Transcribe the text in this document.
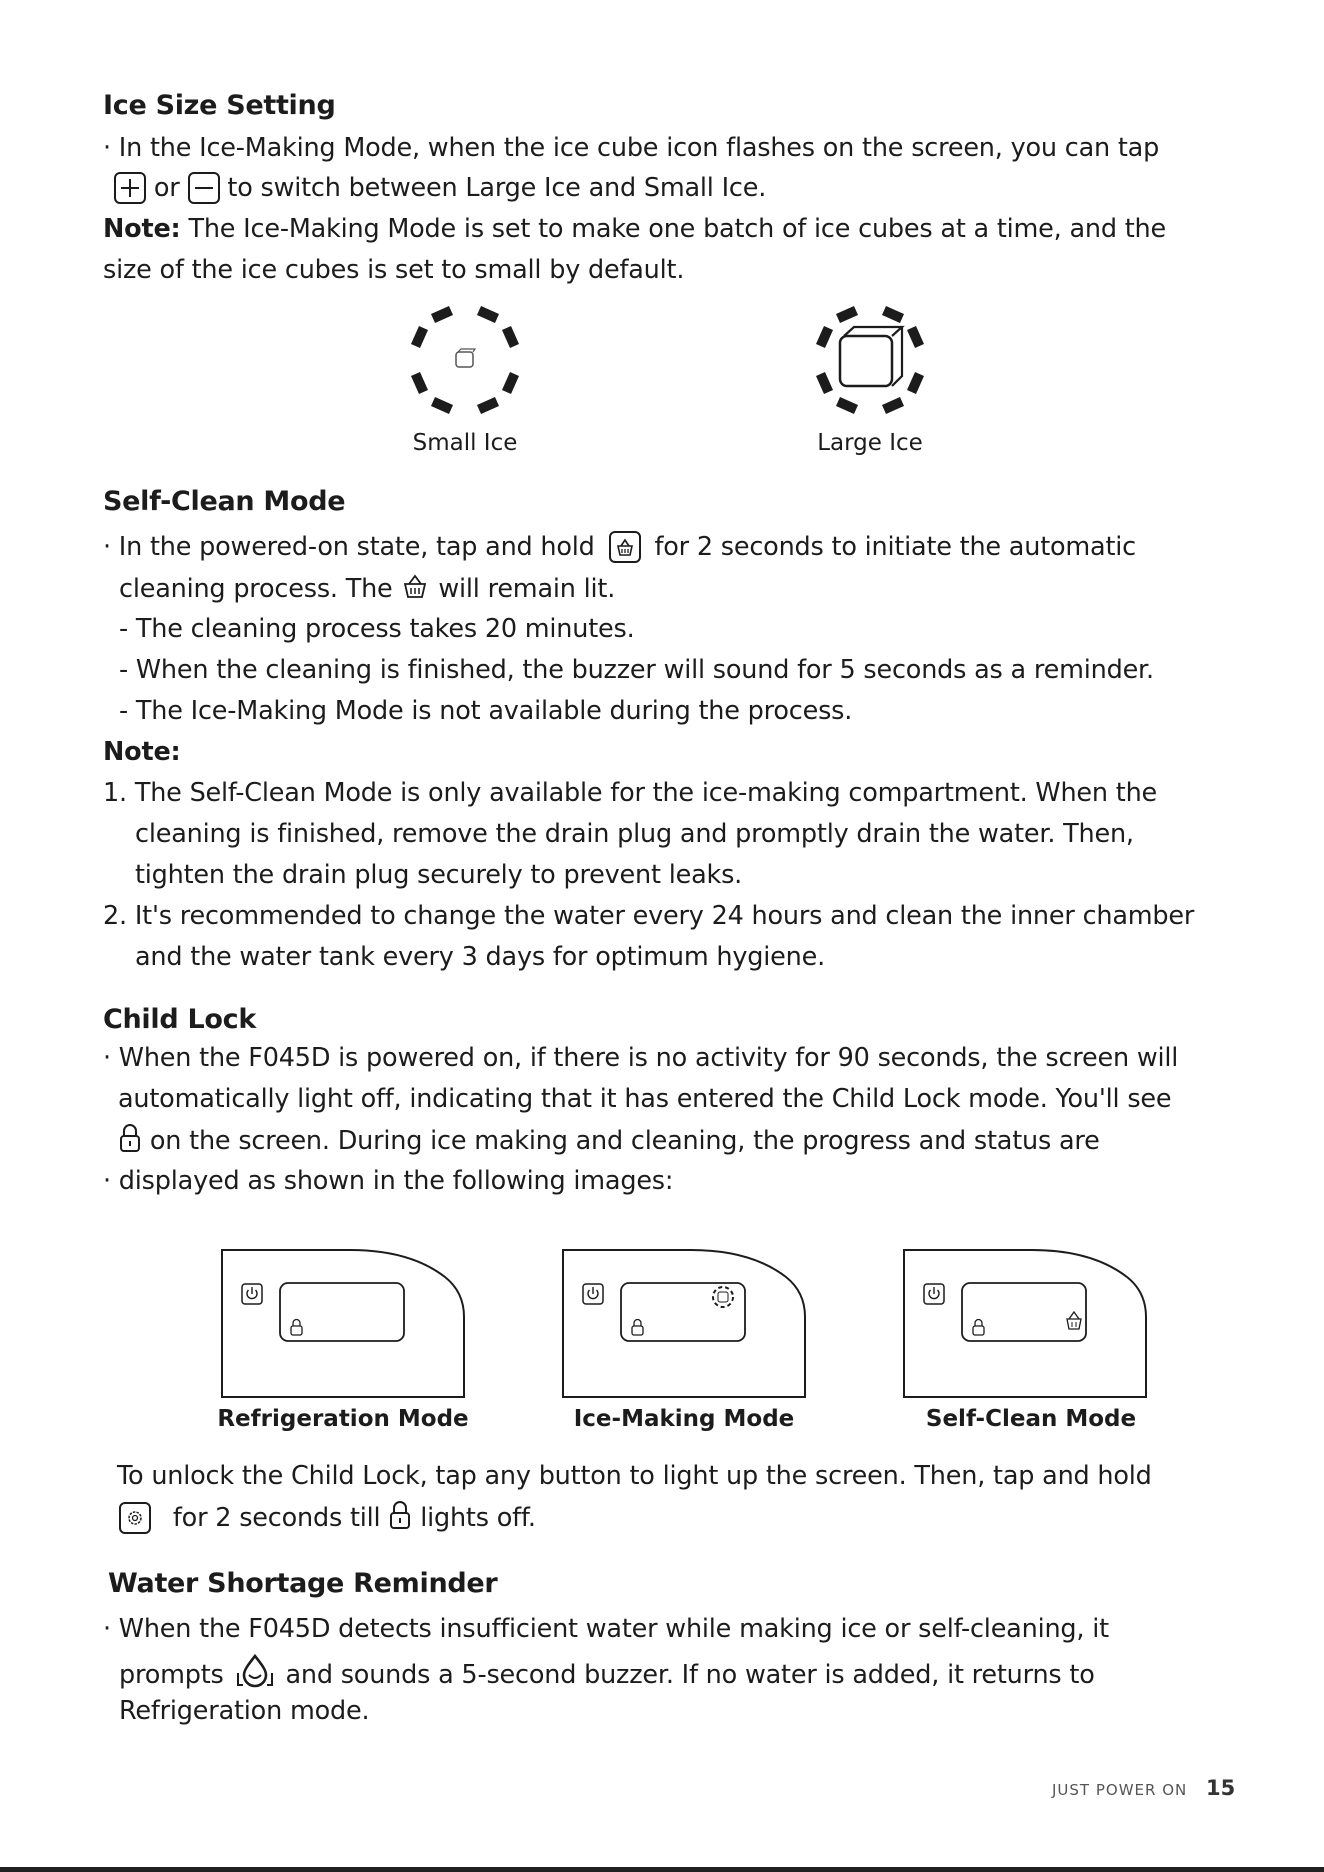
Ice Size Setting
· In the Ice-Making Mode, when the ice cube icon flashes on the screen, you can tap
or to switch between Large Ice and Small Ice.
Note: The Ice-Making Mode is set to make one batch of ice cubes at a time, and the
size of the ice cubes is set to small by default.
Small Ice	Large Ice
Self-Clean Mode
· In the powered-on state, tap and hold for 2 seconds to initiate the automatic
cleaning process. The will remain lit.
- The cleaning process takes 20 minutes.
- When the cleaning is finished, the buzzer will sound for 5 seconds as a reminder.
- The Ice-Making Mode is not available during the process.
Note:
1. The Self-Clean Mode is only available for the ice-making compartment. When the
cleaning is finished, remove the drain plug and promptly drain the water. Then,
tighten the drain plug securely to prevent leaks.
2. It's recommended to change the water every 24 hours and clean the inner chamber
and the water tank every 3 days for optimum hygiene.
Child Lock
· When the F045D is powered on, if there is no activity for 90 seconds, the screen will
automatically light off, indicating that it has entered the Child Lock mode. You'll see
on the screen. During ice making and cleaning, the progress and status are
· displayed as shown in the following images:
Refrigeration Mode	Ice-Making Mode	Self-Clean Mode
To unlock the Child Lock, tap any button to light up the screen. Then, tap and hold
for 2 seconds till lights off.
Water Shortage Reminder
· When the F045D detects insufficient water while making ice or self-cleaning, it
prompts and sounds a 5-second buzzer. If no water is added, it returns to
Refrigeration mode.
JUST POWER ON 15
